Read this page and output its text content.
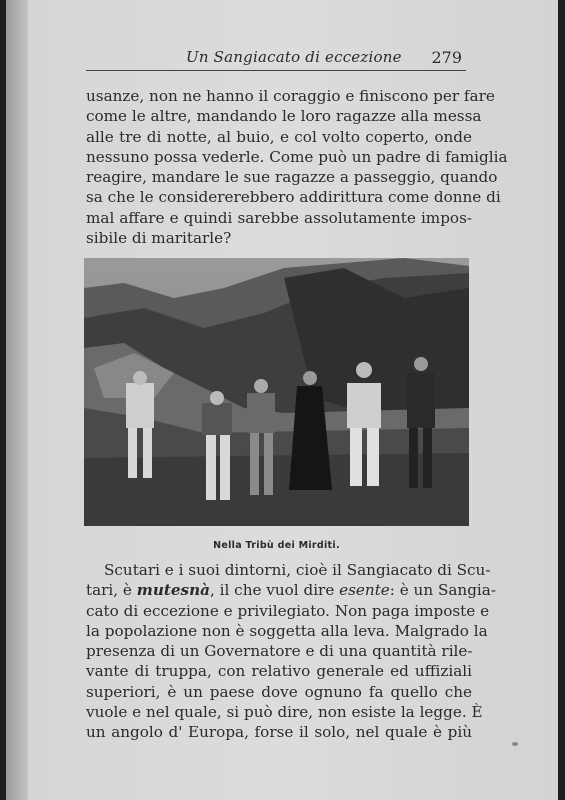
Un Sangiacato di eccezione 279
usanze, non ne hanno il coraggio e finiscono per fare
come le altre, mandando le loro ragazze alla messa
alle tre di notte, al buio, e col volto coperto, onde
nessuno possa vederle. Come può un padre di famiglia
reagire, mandare le sue ragazze a passeggio, quando
sa che le considererebbero addirittura come donne di
mal affare e quindi sarebbe assolutamente impos-
sibile di maritarle?
Nella Tribù dei Mirditi.
Scutari e i suoi dintorni, cioè il Sangiacato di Scu-
tari, è mutesnà, il che vuol dire esente: è un Sangia-
cato di eccezione e privilegiato. Non paga imposte e
la popolazione non è soggetta alla leva. Malgrado la
presenza di un Governatore e di una quantità rile-
vante di truppa, con relativo generale ed uffiziali
superiori, è un paese dove ognuno fa quello che
vuole e nel quale, si può dire, non esiste la legge. È
un angolo d' Europa, forse il solo, nel quale è più
